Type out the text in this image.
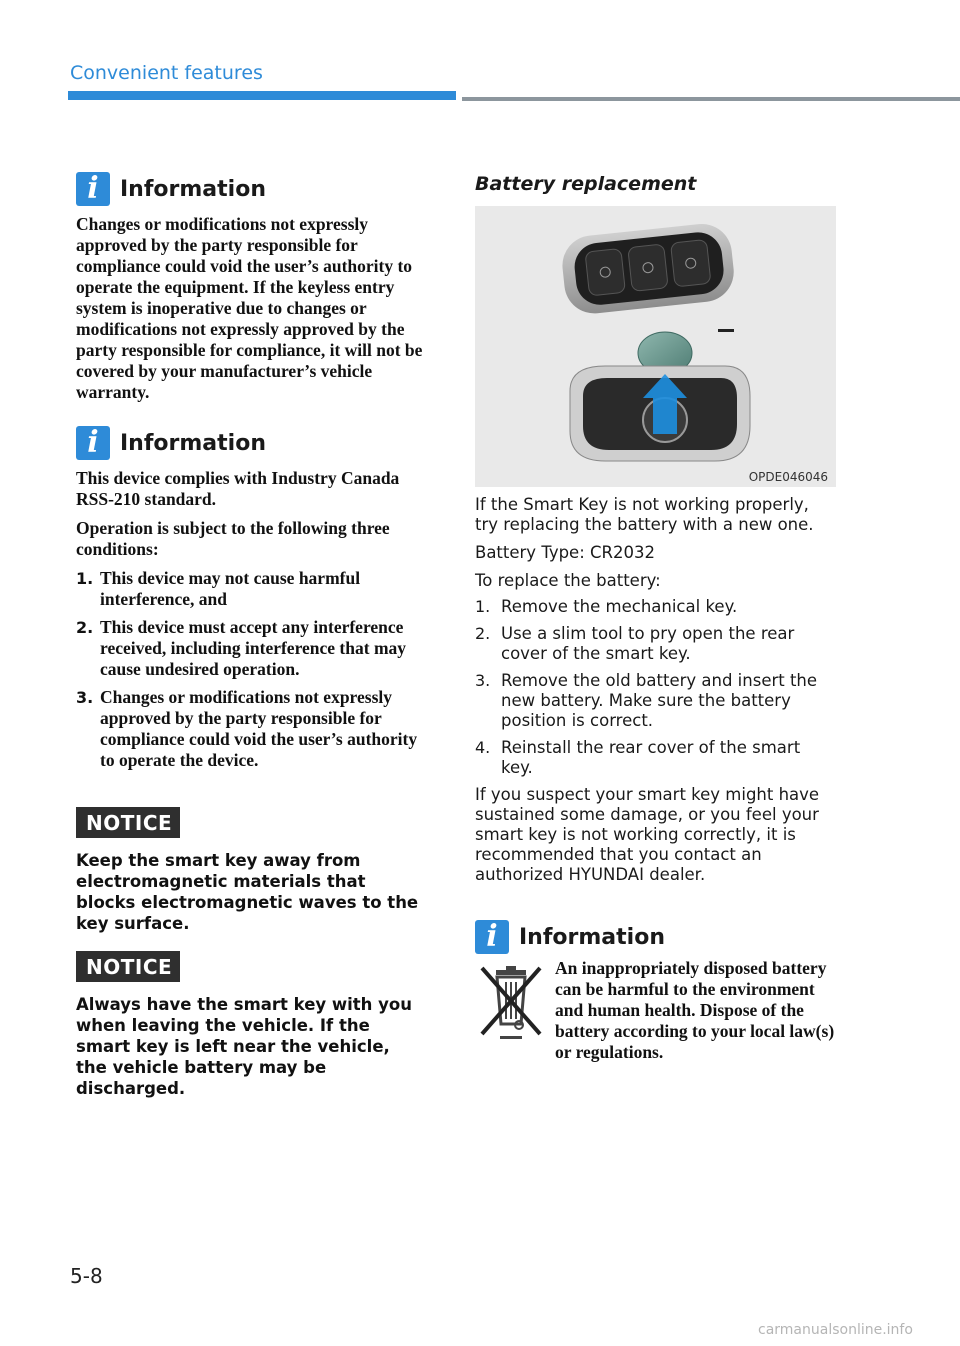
Convenient features
i Information
Changes or modifications not expressly approved by the party responsible for compliance could void the user’s authority to operate the equipment. If the keyless entry system is inoperative due to changes or modifications not expressly approved by the party responsible for compliance, it will not be covered by your manufacturer’s vehicle warranty.
i Information

This device complies with Industry Canada RSS-210 standard.

Operation is subject to the following three conditions:

1. This device may not cause harmful interference, and
2. This device must accept any interference received, including interference that may cause undesired operation.
3. Changes or modifications not expressly approved by the party responsible for compliance could void the user’s authority to operate the device.
NOTICE
Keep the smart key away from electromagnetic materials that blocks electromagnetic waves to the key surface.
NOTICE
Always have the smart key with you when leaving the vehicle. If the smart key is left near the vehicle, the vehicle battery may be discharged.
Battery replacement
OPDE046046

If the Smart Key is not working properly, try replacing the battery with a new one.

Battery Type: CR2032

To replace the battery:

1. Remove the mechanical key.
2. Use a slim tool to pry open the rear cover of the smart key.
3. Remove the old battery and insert the new battery. Make sure the battery position is correct.
4. Reinstall the rear cover of the smart key.

If you suspect your smart key might have sustained some damage, or you feel your smart key is not working correctly, it is recommended that you contact an authorized HYUNDAI dealer.

i Information
An inappropriately disposed battery can be harmful to the environment and human health. Dispose of the battery according to your local law(s) or regulations.
5-8
carmanualsonline.info
